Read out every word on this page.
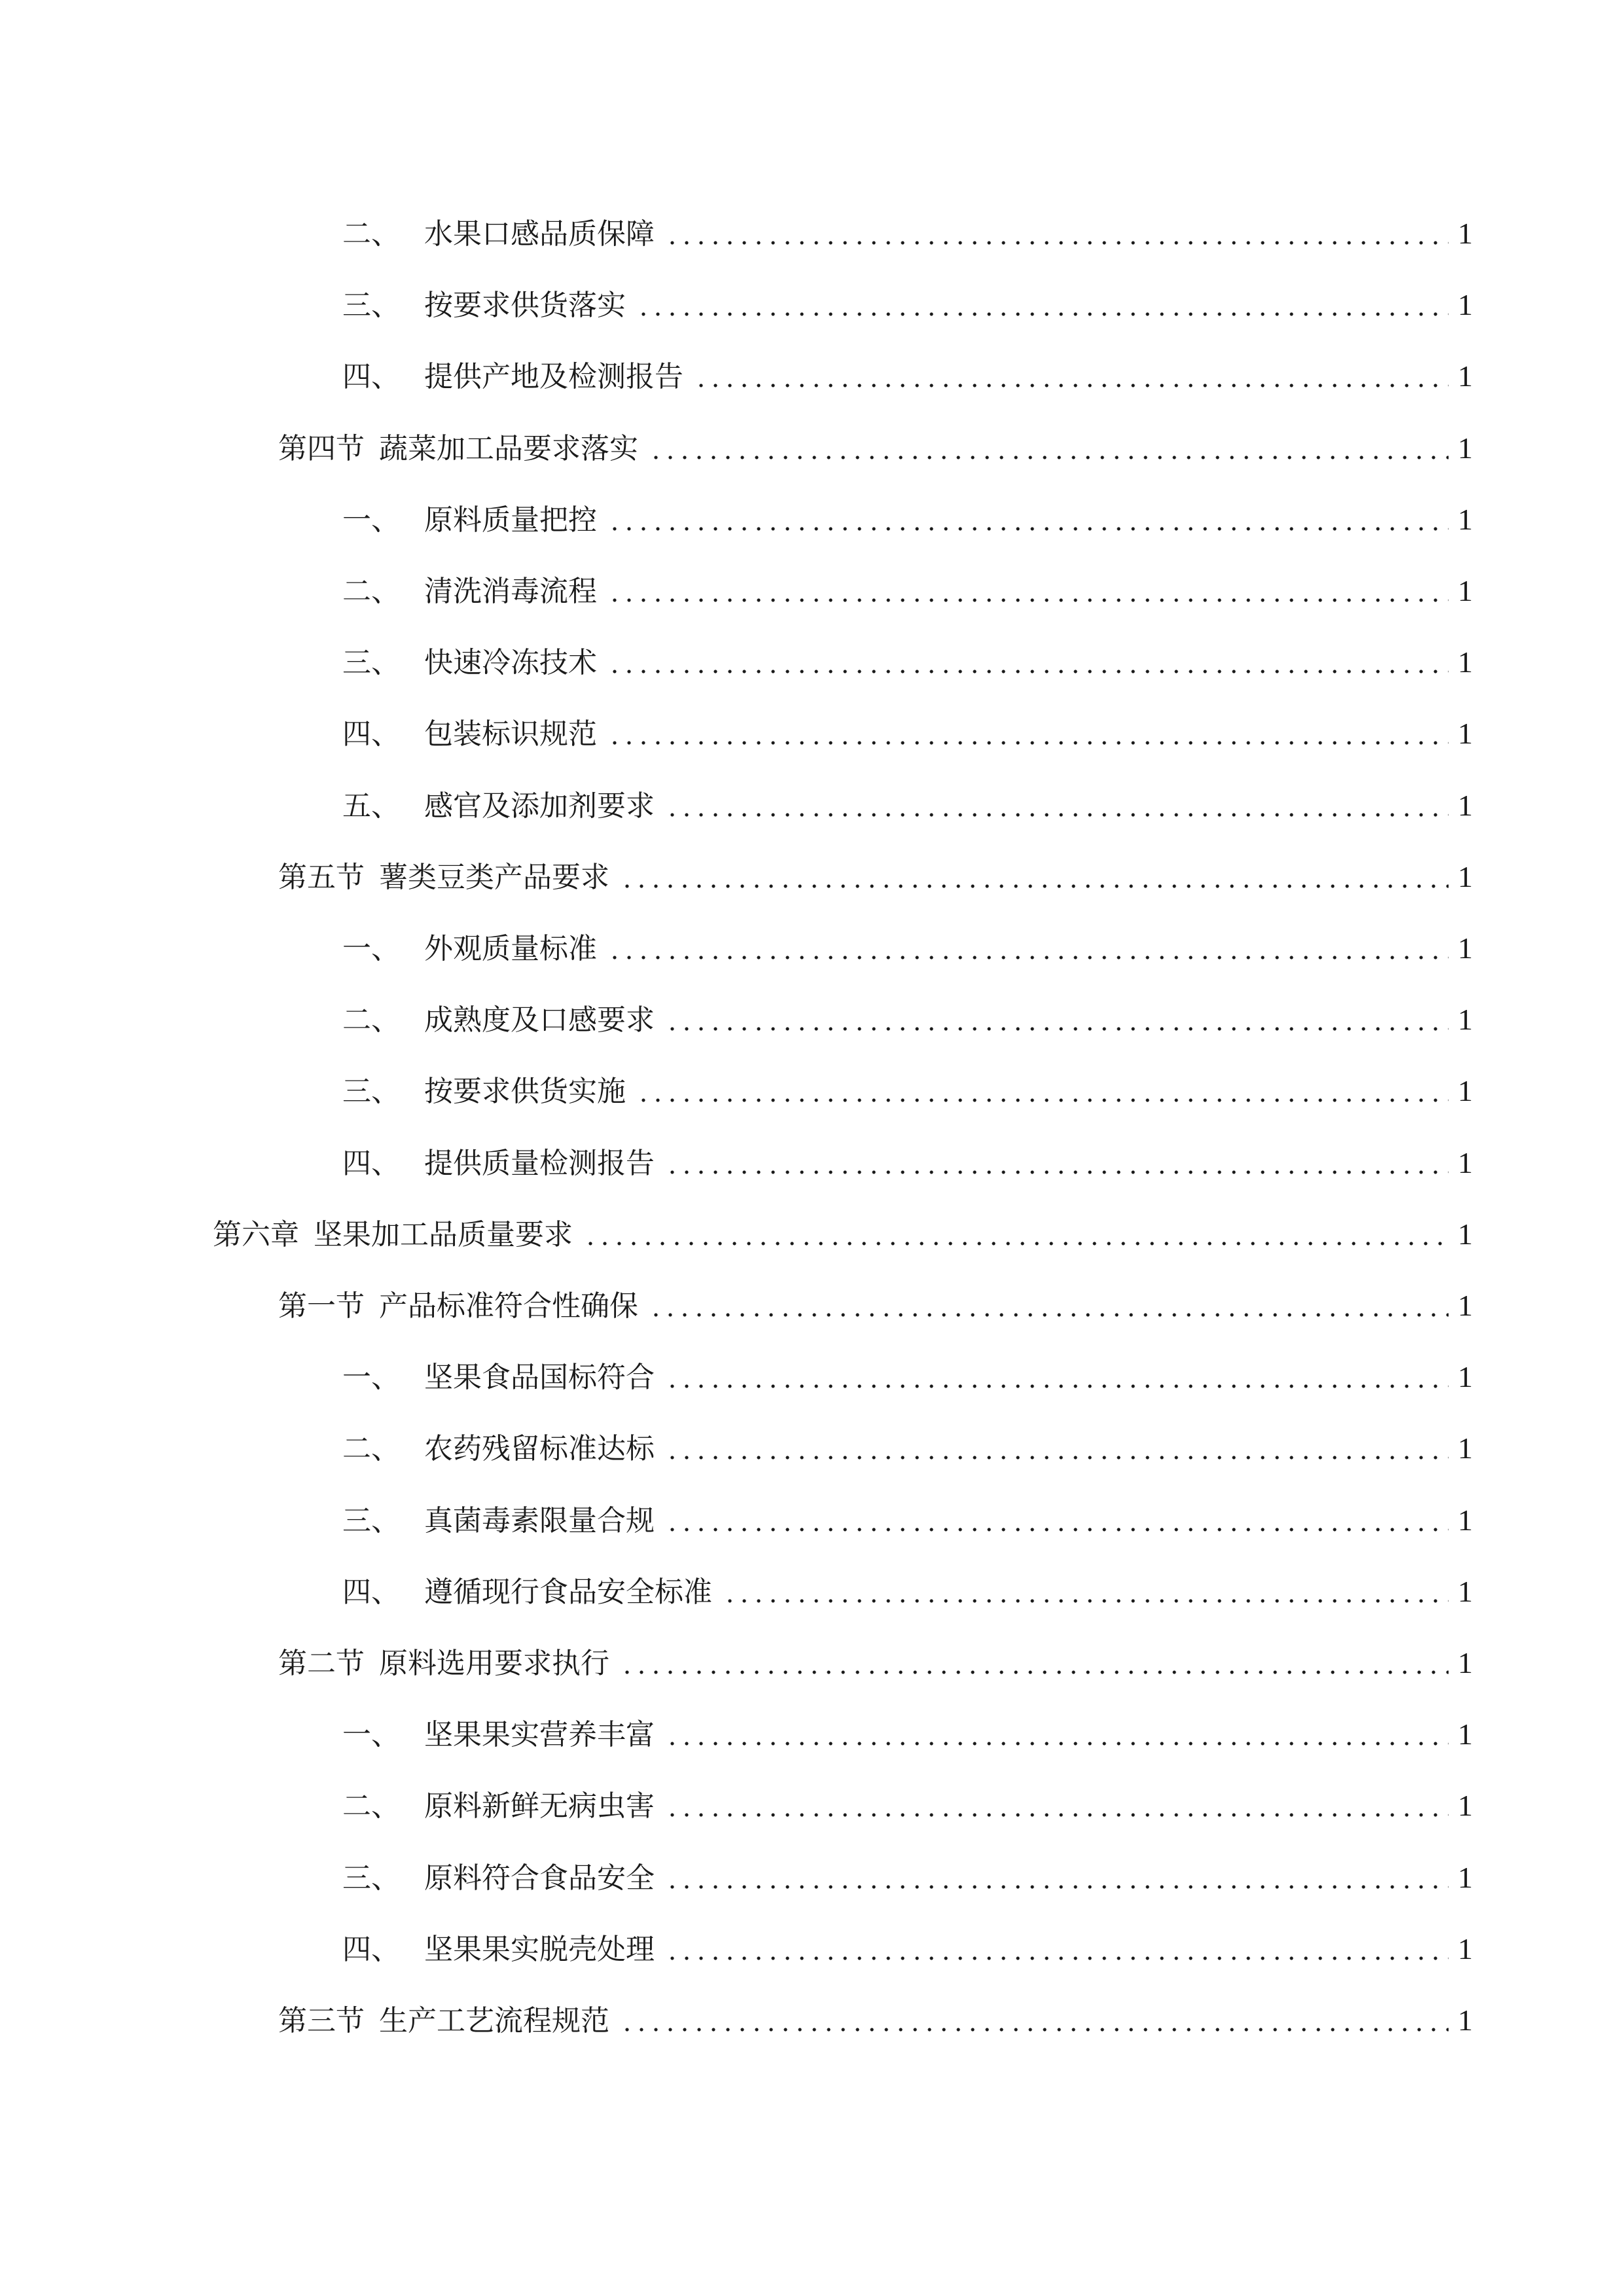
二、 水果口感品质保障	1
三、 按要求供货落实	1
四、 提供产地及检测报告	1
第四节 蔬菜加工品要求落实	1
一、 原料质量把控	1
二、 清洗消毒流程	1
三、 快速冷冻技术	1
四、 包装标识规范	1
五、 感官及添加剂要求	1
第五节 薯类豆类产品要求	1
一、 外观质量标准	1
二、 成熟度及口感要求	1
三、 按要求供货实施	1
四、 提供质量检测报告	1
第六章 坚果加工品质量要求	1
第一节 产品标准符合性确保	1
一、 坚果食品国标符合	1
二、 农药残留标准达标	1
三、 真菌毒素限量合规	1
四、 遵循现行食品安全标准	1
第二节 原料选用要求执行	1
一、 坚果果实营养丰富	1
二、 原料新鲜无病虫害	1
三、 原料符合食品安全	1
四、 坚果果实脱壳处理	1
第三节 生产工艺流程规范	1
